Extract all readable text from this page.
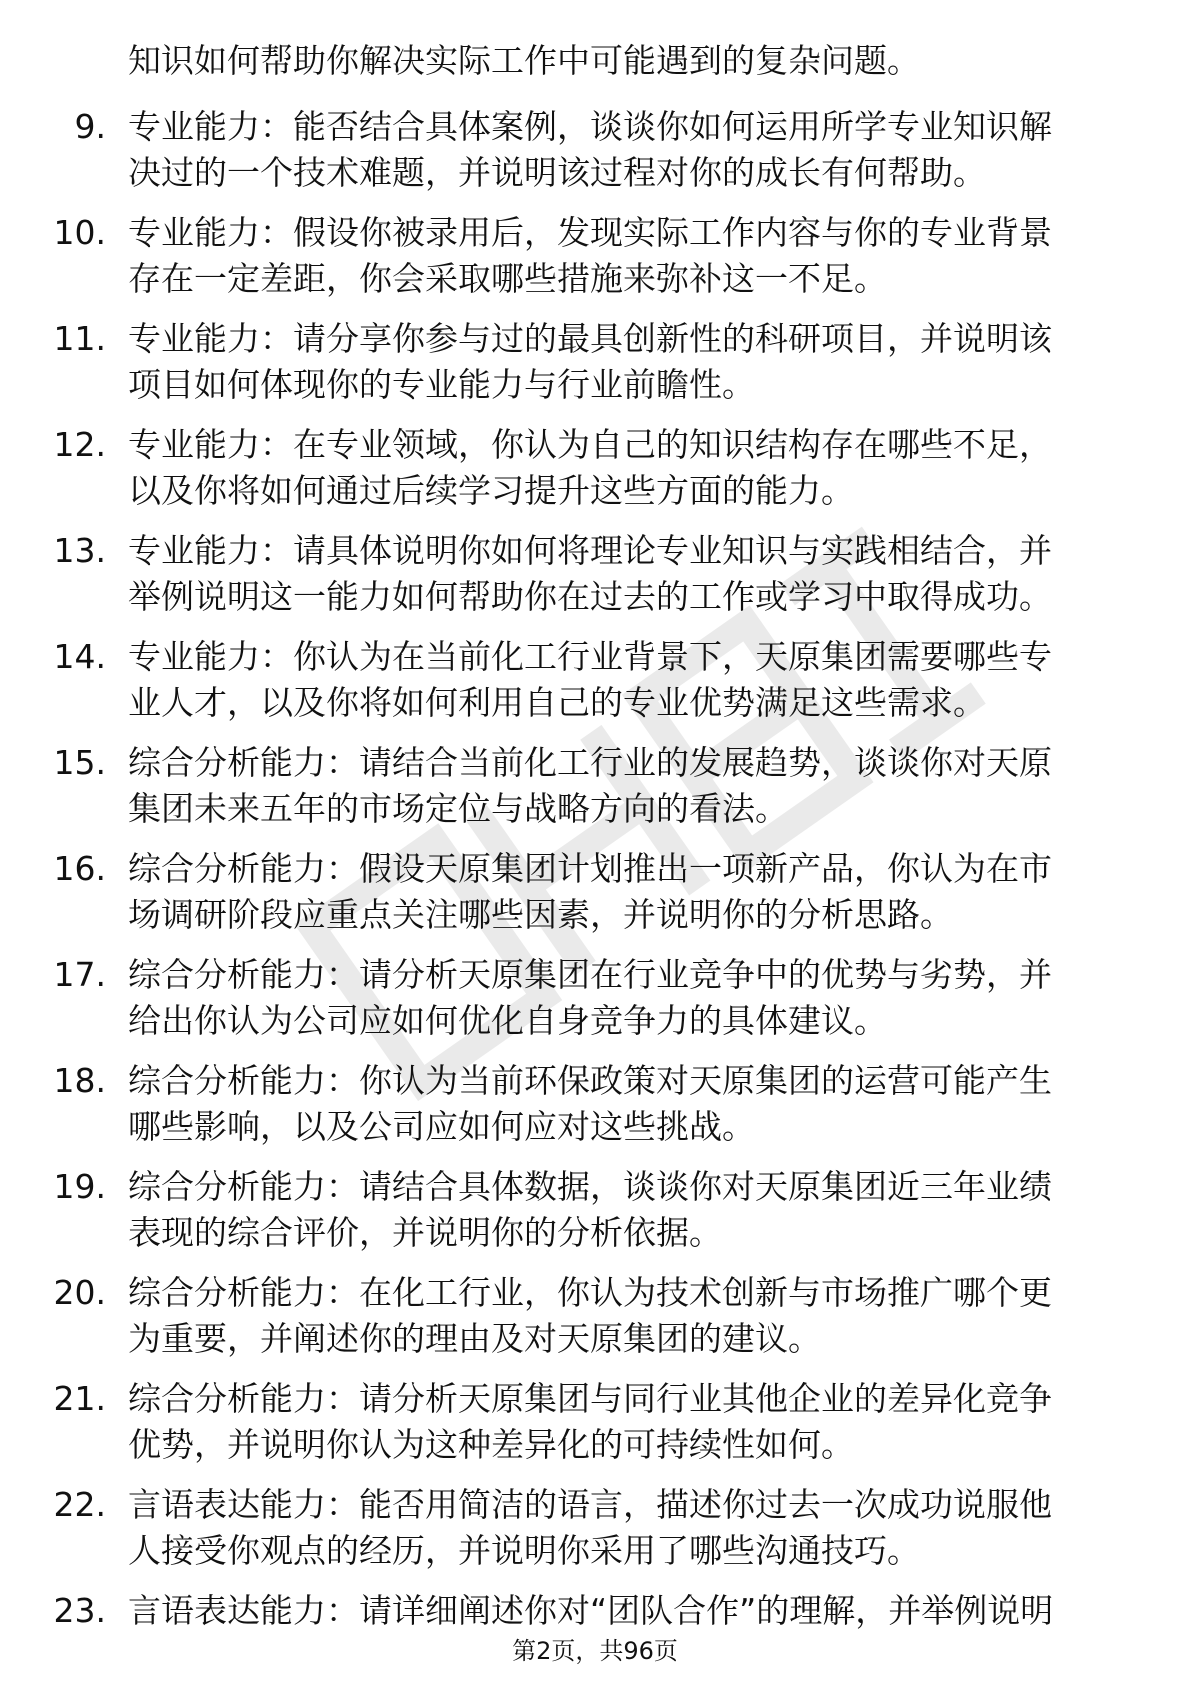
知识如何帮助你解决实际工作中可能遇到的复杂问题。
9. 专业能力：能否结合具体案例，谈谈你如何运用所学专业知识解
决过的一个技术难题，并说明该过程对你的成长有何帮助。
10. 专业能力：假设你被录用后，发现实际工作内容与你的专业背景
存在一定差距，你会采取哪些措施来弥补这一不足。
11. 专业能力：请分享你参与过的最具创新性的科研项目，并说明该
项目如何体现你的专业能力与行业前瞻性。
12. 专业能力：在专业领域，你认为自己的知识结构存在哪些不足，
以及你将如何通过后续学习提升这些方面的能力。
13. 专业能力：请具体说明你如何将理论专业知识与实践相结合，并
举例说明这一能力如何帮助你在过去的工作或学习中取得成功。
14. 专业能力：你认为在当前化工行业背景下，天原集团需要哪些专
业人才，以及你将如何利用自己的专业优势满足这些需求。
15. 综合分析能力：请结合当前化工行业的发展趋势，谈谈你对天原
集团未来五年的市场定位与战略方向的看法。
16. 综合分析能力：假设天原集团计划推出一项新产品，你认为在市
场调研阶段应重点关注哪些因素，并说明你的分析思路。
17. 综合分析能力：请分析天原集团在行业竞争中的优势与劣势，并
给出你认为公司应如何优化自身竞争力的具体建议。
18. 综合分析能力：你认为当前环保政策对天原集团的运营可能产生
哪些影响，以及公司应如何应对这些挑战。
19. 综合分析能力：请结合具体数据，谈谈你对天原集团近三年业绩
表现的综合评价，并说明你的分析依据。
20. 综合分析能力：在化工行业，你认为技术创新与市场推广哪个更
为重要，并阐述你的理由及对天原集团的建议。
21. 综合分析能力：请分析天原集团与同行业其他企业的差异化竞争
优势，并说明你认为这种差异化的可持续性如何。
22. 言语表达能力：能否用简洁的语言，描述你过去一次成功说服他
人接受你观点的经历，并说明你采用了哪些沟通技巧。
23. 言语表达能力：请详细阐述你对“团队合作”的理解，并举例说明
第2页，共96页
